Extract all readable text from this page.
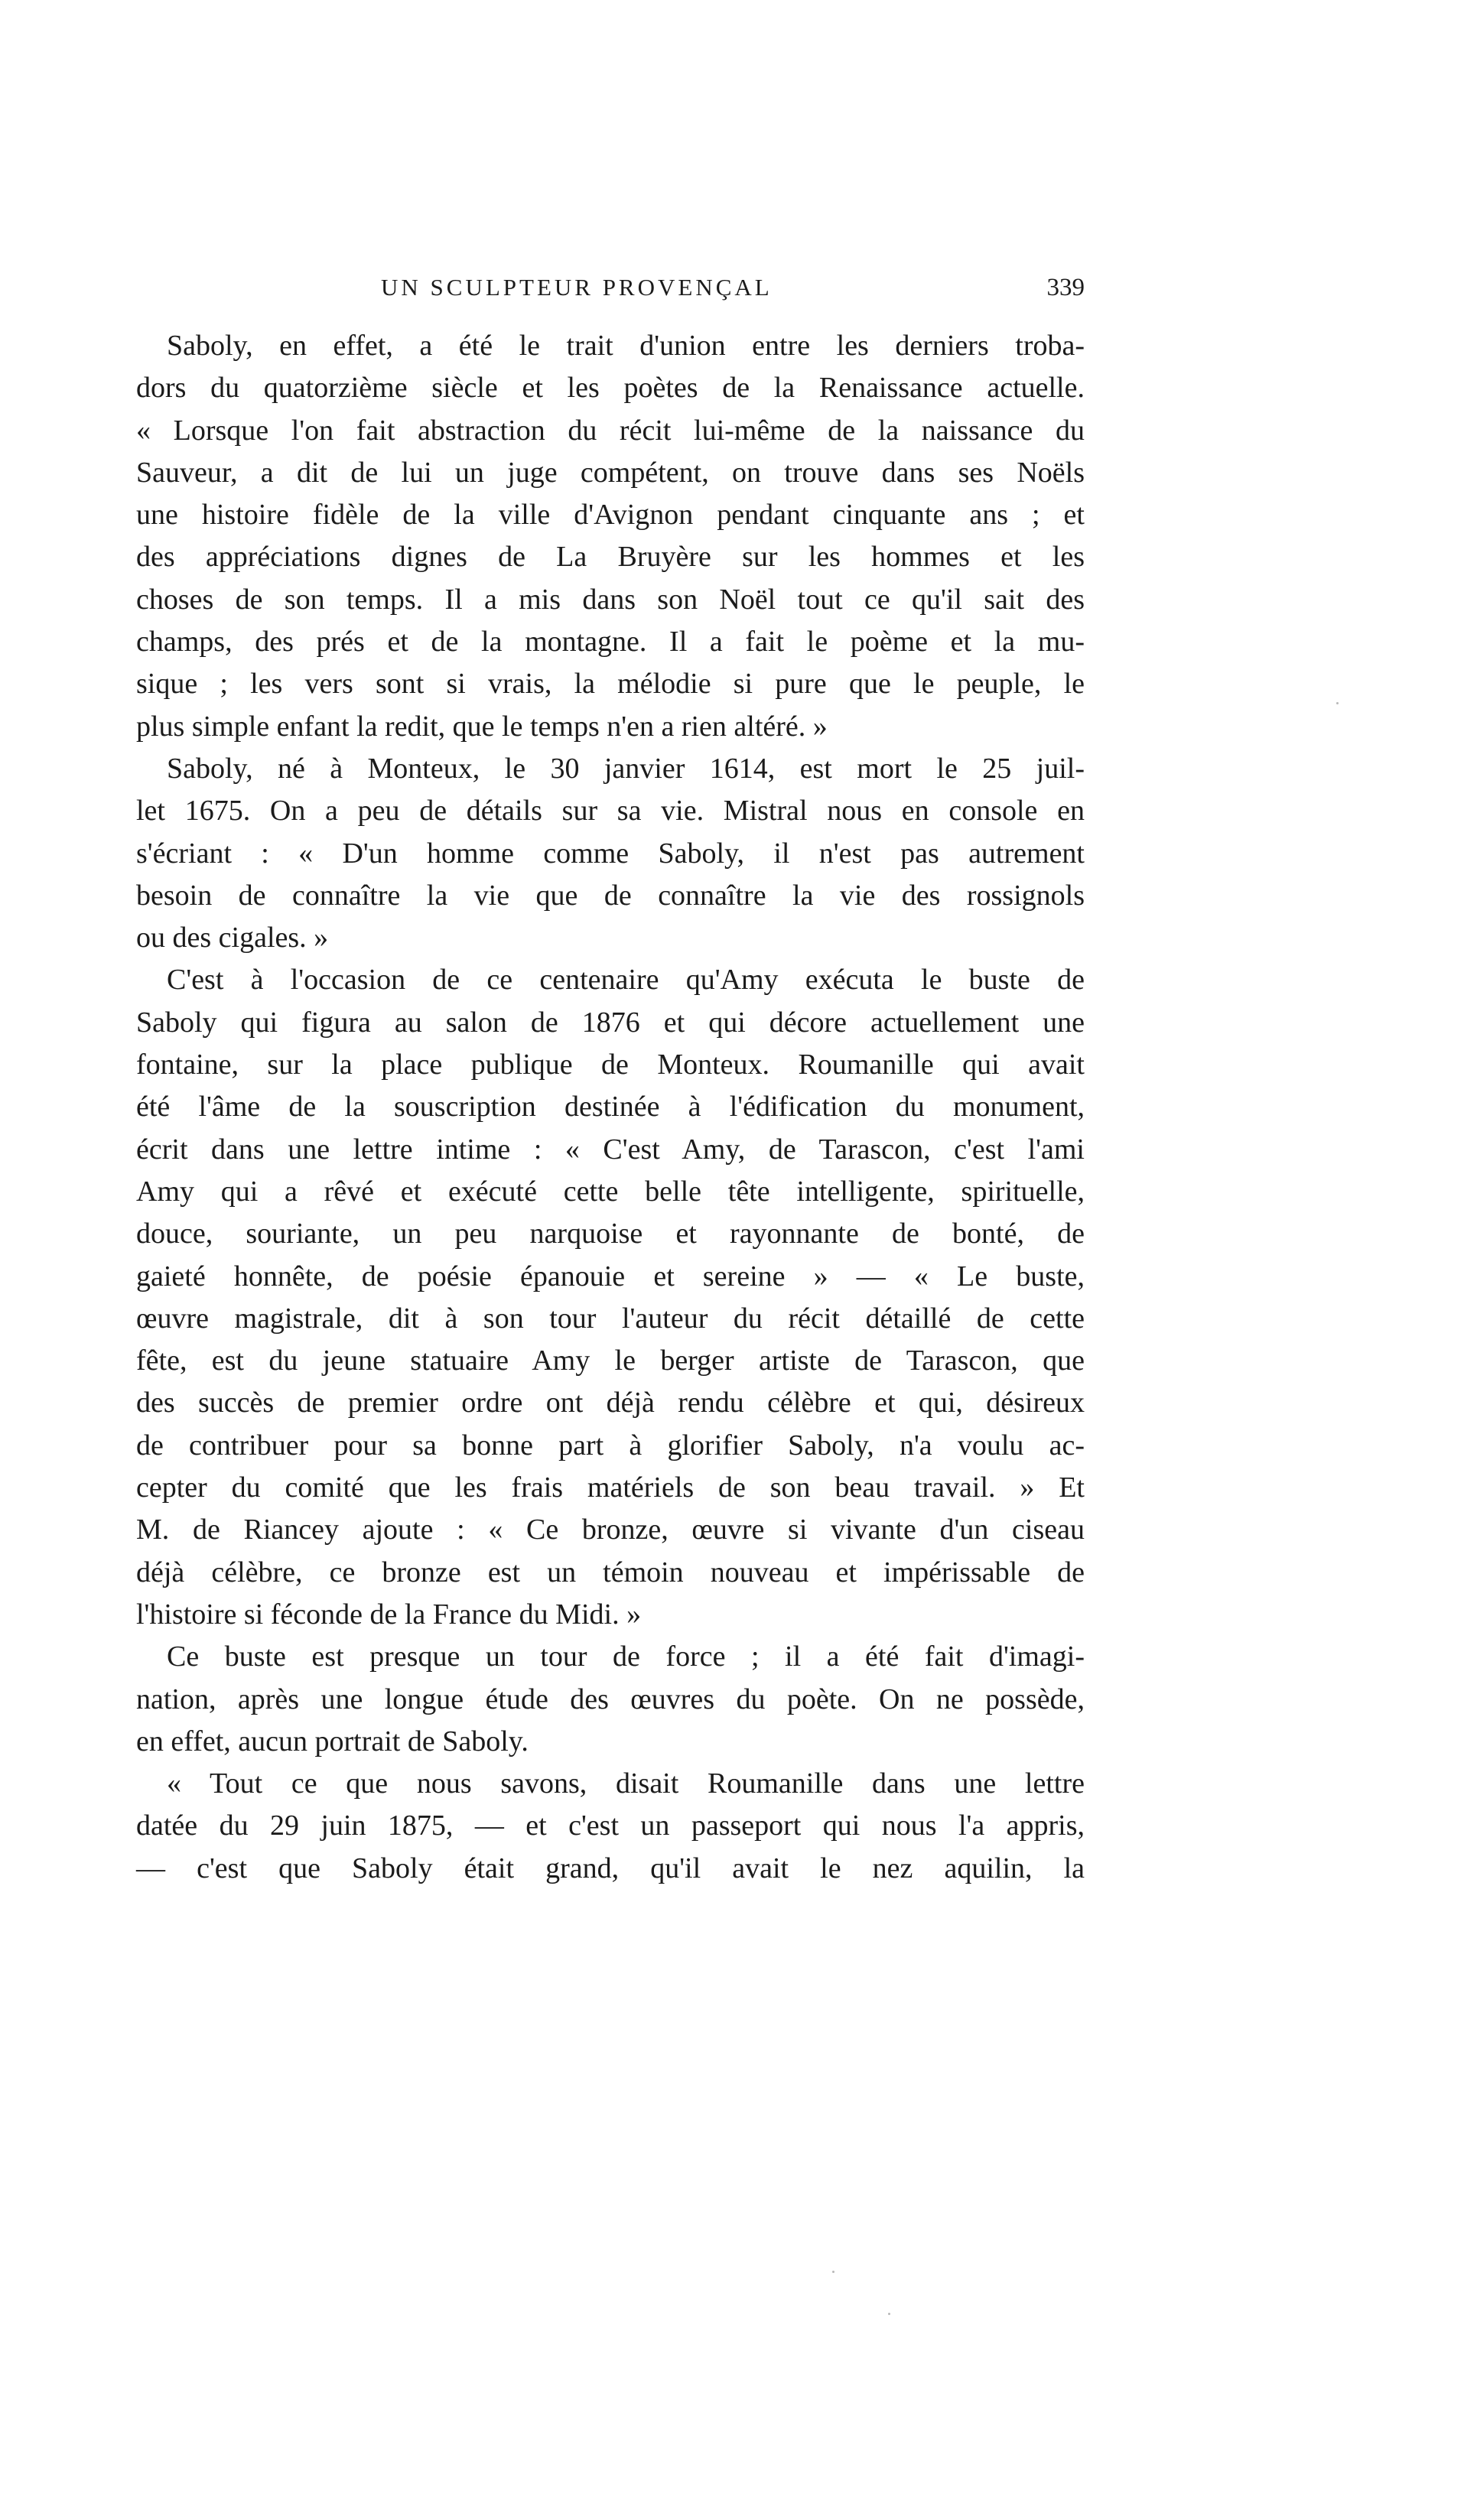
UN SCULPTEUR PROVENÇAL	339
Saboly, en effet, a été le trait d'union entre les derniers troba-
dors du quatorzième siècle et les poètes de la Renaissance actuelle.
« Lorsque l'on fait abstraction du récit lui-même de la naissance du
Sauveur, a dit de lui un juge compétent, on trouve dans ses Noëls
une histoire fidèle de la ville d'Avignon pendant cinquante ans ; et
des appréciations dignes de La Bruyère sur les hommes et les
choses de son temps. Il a mis dans son Noël tout ce qu'il sait des
champs, des prés et de la montagne. Il a fait le poème et la mu-
sique ; les vers sont si vrais, la mélodie si pure que le peuple, le
plus simple enfant la redit, que le temps n'en a rien altéré. »
Saboly, né à Monteux, le 30 janvier 1614, est mort le 25 juil-
let 1675. On a peu de détails sur sa vie. Mistral nous en console en
s'écriant : « D'un homme comme Saboly, il n'est pas autrement
besoin de connaître la vie que de connaître la vie des rossignols
ou des cigales. »
C'est à l'occasion de ce centenaire qu'Amy exécuta le buste de
Saboly qui figura au salon de 1876 et qui décore actuellement une
fontaine, sur la place publique de Monteux. Roumanille qui avait
été l'âme de la souscription destinée à l'édification du monument,
écrit dans une lettre intime : « C'est Amy, de Tarascon, c'est l'ami
Amy qui a rêvé et exécuté cette belle tête intelligente, spirituelle,
douce, souriante, un peu narquoise et rayonnante de bonté, de
gaieté honnête, de poésie épanouie et sereine » — « Le buste,
œuvre magistrale, dit à son tour l'auteur du récit détaillé de cette
fête, est du jeune statuaire Amy le berger artiste de Tarascon, que
des succès de premier ordre ont déjà rendu célèbre et qui, désireux
de contribuer pour sa bonne part à glorifier Saboly, n'a voulu ac-
cepter du comité que les frais matériels de son beau travail. » Et
M. de Riancey ajoute : « Ce bronze, œuvre si vivante d'un ciseau
déjà célèbre, ce bronze est un témoin nouveau et impérissable de
l'histoire si féconde de la France du Midi. »
Ce buste est presque un tour de force ; il a été fait d'imagi-
nation, après une longue étude des œuvres du poète. On ne possède,
en effet, aucun portrait de Saboly.
« Tout ce que nous savons, disait Roumanille dans une lettre
datée du 29 juin 1875, — et c'est un passeport qui nous l'a appris,
— c'est que Saboly était grand, qu'il avait le nez aquilin, la
